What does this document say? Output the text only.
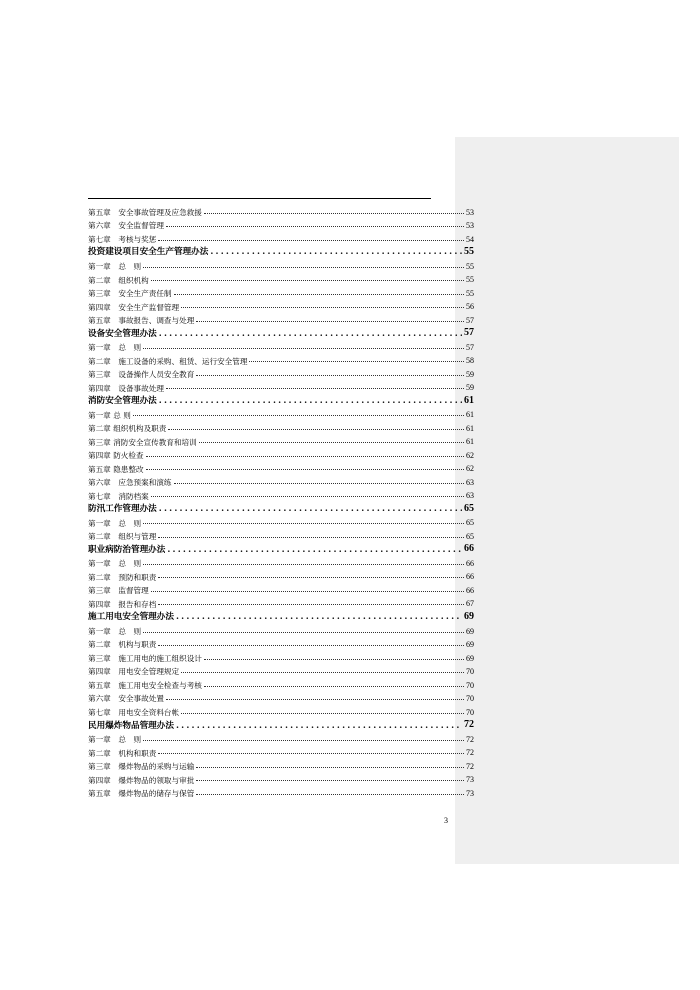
第五章　安全事故管理及应急救援	53
第六章　安全监督管理	53
第七章　考核与奖惩	54
投资建设项目安全生产管理办法 .....	55
第一章　总　则	55
第二章　组织机构	55
第三章　安全生产责任制	55
第四章　安全生产监督管理	56
第五章　事故报告、调查与处理	57
设备安全管理办法 .....	57
第一章　总　则	57
第二章　施工设备的采购、租赁、运行安全管理	58
第三章　设备操作人员安全教育	59
第四章　设备事故处理	59
消防安全管理办法 .....	61
第一章 总 则	61
第二章 组织机构及职责	61
第三章 消防安全宣传教育和培训	61
第四章 防火检查	62
第五章 隐患整改	62
第六章　应急预案和演练	63
第七章　消防档案	63
防汛工作管理办法 .....	65
第一章　总　则	65
第二章　组织与管理	65
职业病防治管理办法 .....	66
第一章　总　则	66
第二章　预防和职责	66
第三章　监督管理	66
第四章　报告和存档	67
施工用电安全管理办法 .....	69
第一章　总　则	69
第二章　机构与职责	69
第三章　施工用电的施工组织设计	69
第四章　用电安全管理规定	70
第五章　施工用电安全检查与考核	70
第六章　安全事故处置	70
第七章　用电安全资料台帐	70
民用爆炸物品管理办法 .....	72
第一章　总　则	72
第二章　机构和职责	72
第三章　爆炸物品的采购与运输	72
第四章　爆炸物品的领取与审批	73
第五章　爆炸物品的储存与保管	73
3
